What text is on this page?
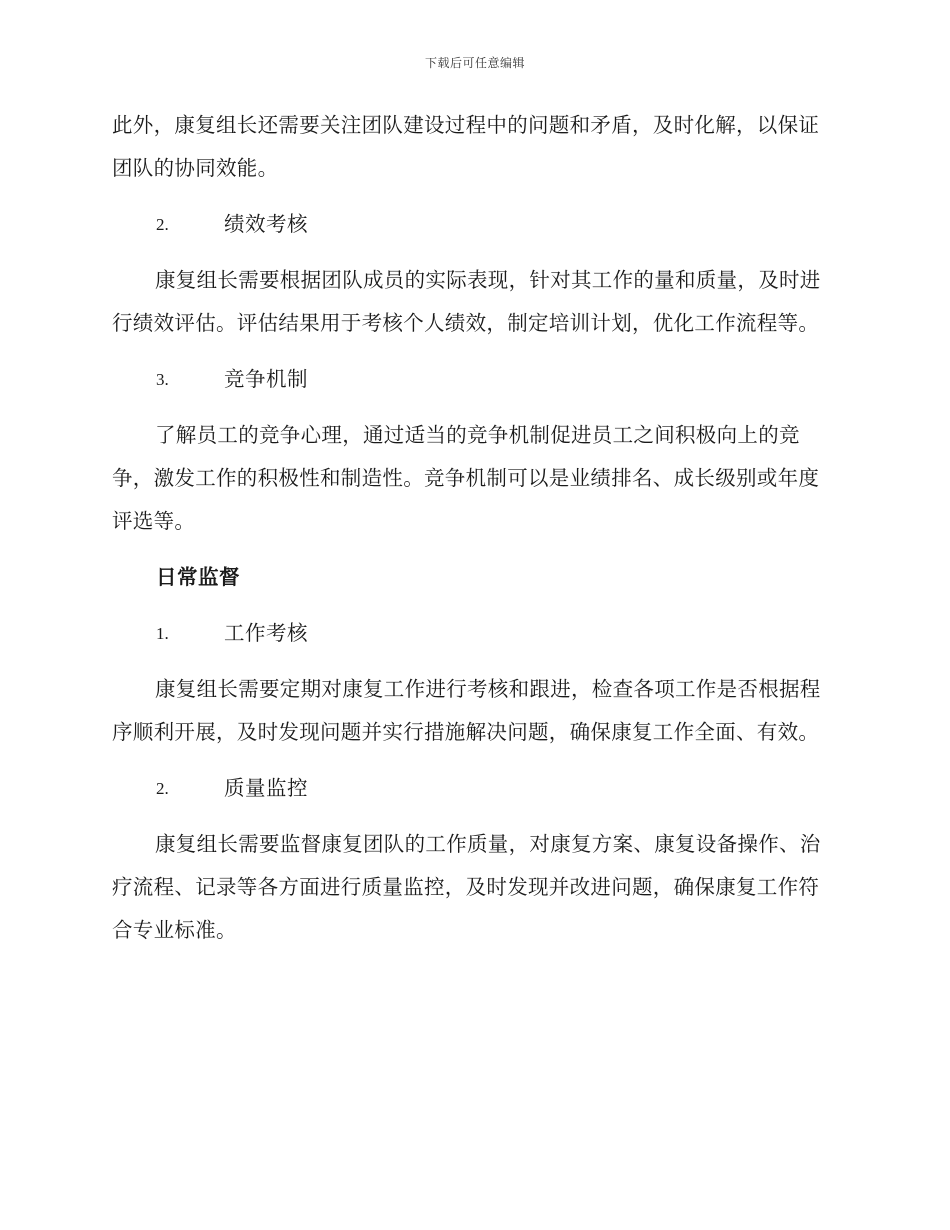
下载后可任意编辑

此外，康复组长还需要关注团队建设过程中的问题和矛盾，及时化解，以保证团队的协同效能。

2.	绩效考核

康复组长需要根据团队成员的实际表现，针对其工作的量和质量，及时进行绩效评估。评估结果用于考核个人绩效，制定培训计划，优化工作流程等。

3.	竞争机制

了解员工的竞争心理，通过适当的竞争机制促进员工之间积极向上的竞争，激发工作的积极性和制造性。竞争机制可以是业绩排名、成长级别或年度评选等。

日常监督
1.	工作考核

康复组长需要定期对康复工作进行考核和跟进，检查各项工作是否根据程序顺利开展，及时发现问题并实行措施解决问题，确保康复工作全面、有效。

2.	质量监控

康复组长需要监督康复团队的工作质量，对康复方案、康复设备操作、治疗流程、记录等各方面进行质量监控，及时发现并改进问题，确保康复工作符合专业标准。
